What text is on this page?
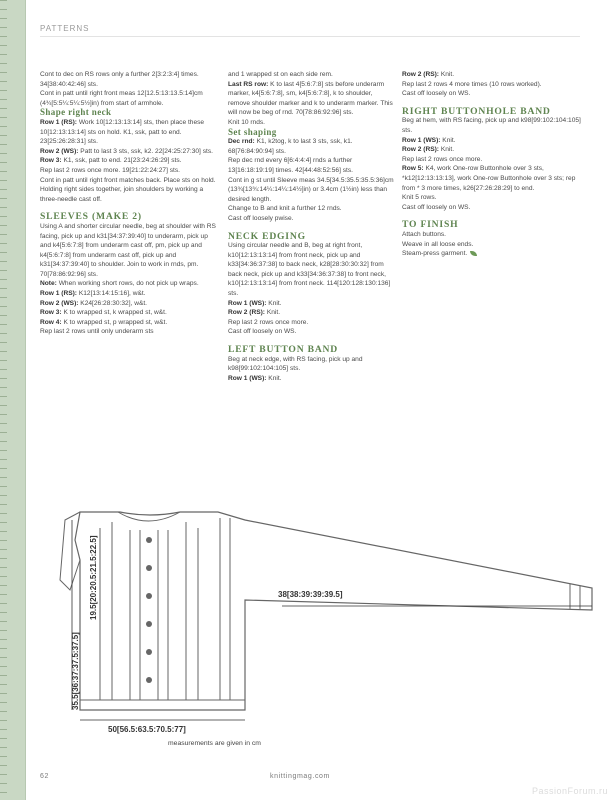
PATTERNS

Cont to dec on RS rows only a further 2[3:2:3:4] times. 34[38:40:42:46] sts.

Cont in patt until right front meas 12[12.5:13:13.5:14]cm (4¾[5:5¼:5¼:5½]in) from start of armhole.

Shape right neck

Row 1 (RS): Work 10[12:13:13:14] sts, then place these 10[12:13:13:14] sts on hold. K1, ssk, patt to end. 23[25:26:28:31] sts.

Row 2 (WS): Patt to last 3 sts, ssk, k2. 22[24:25:27:30] sts.

Row 3: K1, ssk, patt to end. 21[23:24:26:29] sts.

Rep last 2 rows once more. 19[21:22:24:27] sts.

Cont in patt until right front matches back. Place sts on hold.

Holding right sides together, join shoulders by working a three-needle cast off.

SLEEVES (MAKE 2)

Using A and shorter circular needle, beg at shoulder with RS facing, pick up and k31[34:37:39:40] to underarm, pick up and k4[5:6:7:8] from underarm cast off, pm, pick up and k4[5:6:7:8] from underarm cast off, pick up and k31[34:37:39:40] to shoulder. Join to work in rnds, pm. 70[78:86:92:96] sts.

Note: When working short rows, do not pick up wraps.

Row 1 (RS): K12[13:14:15:16], w&t.

Row 2 (WS): K24[26:28:30:32], w&t.

Row 3: K to wrapped st, k wrapped st, w&t.

Row 4: K to wrapped st, p wrapped st, w&t.

Rep last 2 rows until only underarm sts

and 1 wrapped st on each side rem.

Last RS row: K to last 4[5:6:7:8] sts before underarm marker, k4[5:6:7:8], sm, k4[5:6:7:8], k to shoulder, remove shoulder marker and k to underarm marker. This will now be beg of rnd. 70[78:86:92:96] sts.

Knit 10 rnds.

Set shaping

Dec rnd: K1, k2tog, k to last 3 sts, ssk, k1. 68[76:84:90:94] sts.

Rep dec rnd every 6[6:4:4:4] rnds a further 13[16:18:19:19] times. 42[44:48:52:56] sts.

Cont in g st until Sleeve meas 34.5[34.5:35.5:35.5:36]cm (13¾[13¾:14¼:14¼:14½]in) or 3.4cm (1½in) less than desired length.

Change to B and knit a further 12 rnds.

Cast off loosely pwise.

NECK EDGING

Using circular needle and B, beg at right front, k10[12:13:13:14] from front neck, pick up and k33[34:36:37:38] to back neck, k28[28:30:30:32] from back neck, pick up and k33[34:36:37:38] to front neck, k10[12:13:13:14] from front neck. 114[120:128:130:136] sts.

Row 1 (WS): Knit.

Row 2 (RS): Knit.

Rep last 2 rows once more.

Cast off loosely on WS.

LEFT BUTTON BAND

Beg at neck edge, with RS facing, pick up and k98[99:102:104:105] sts.

Row 1 (WS): Knit.

Row 2 (RS): Knit.

Rep last 2 rows 4 more times (10 rows worked).

Cast off loosely on WS.

RIGHT BUTTONHOLE BAND

Beg at hem, with RS facing, pick up and k98[99:102:104:105] sts.

Row 1 (WS): Knit.

Row 2 (RS): Knit.

Rep last 2 rows once more.

Row 5: K4, work One-row Buttonhole over 3 sts, *k12[12:13:13:13], work One-row Buttonhole over 3 sts; rep from * 3 more times, k26[27:26:28:29] to end.

Knit 5 rows.

Cast off loosely on WS.

TO FINISH

Attach buttons.

Weave in all loose ends.

Steam-press garment.

38[38:39:39:39.5]
19.5[20:20.5:21.5:22.5]
35.5[36:37:37.5:37.5]
50[56.5:63.5:70.5:77]
measurements are given in cm
62	knittingmag.com
PassionForum.ru
